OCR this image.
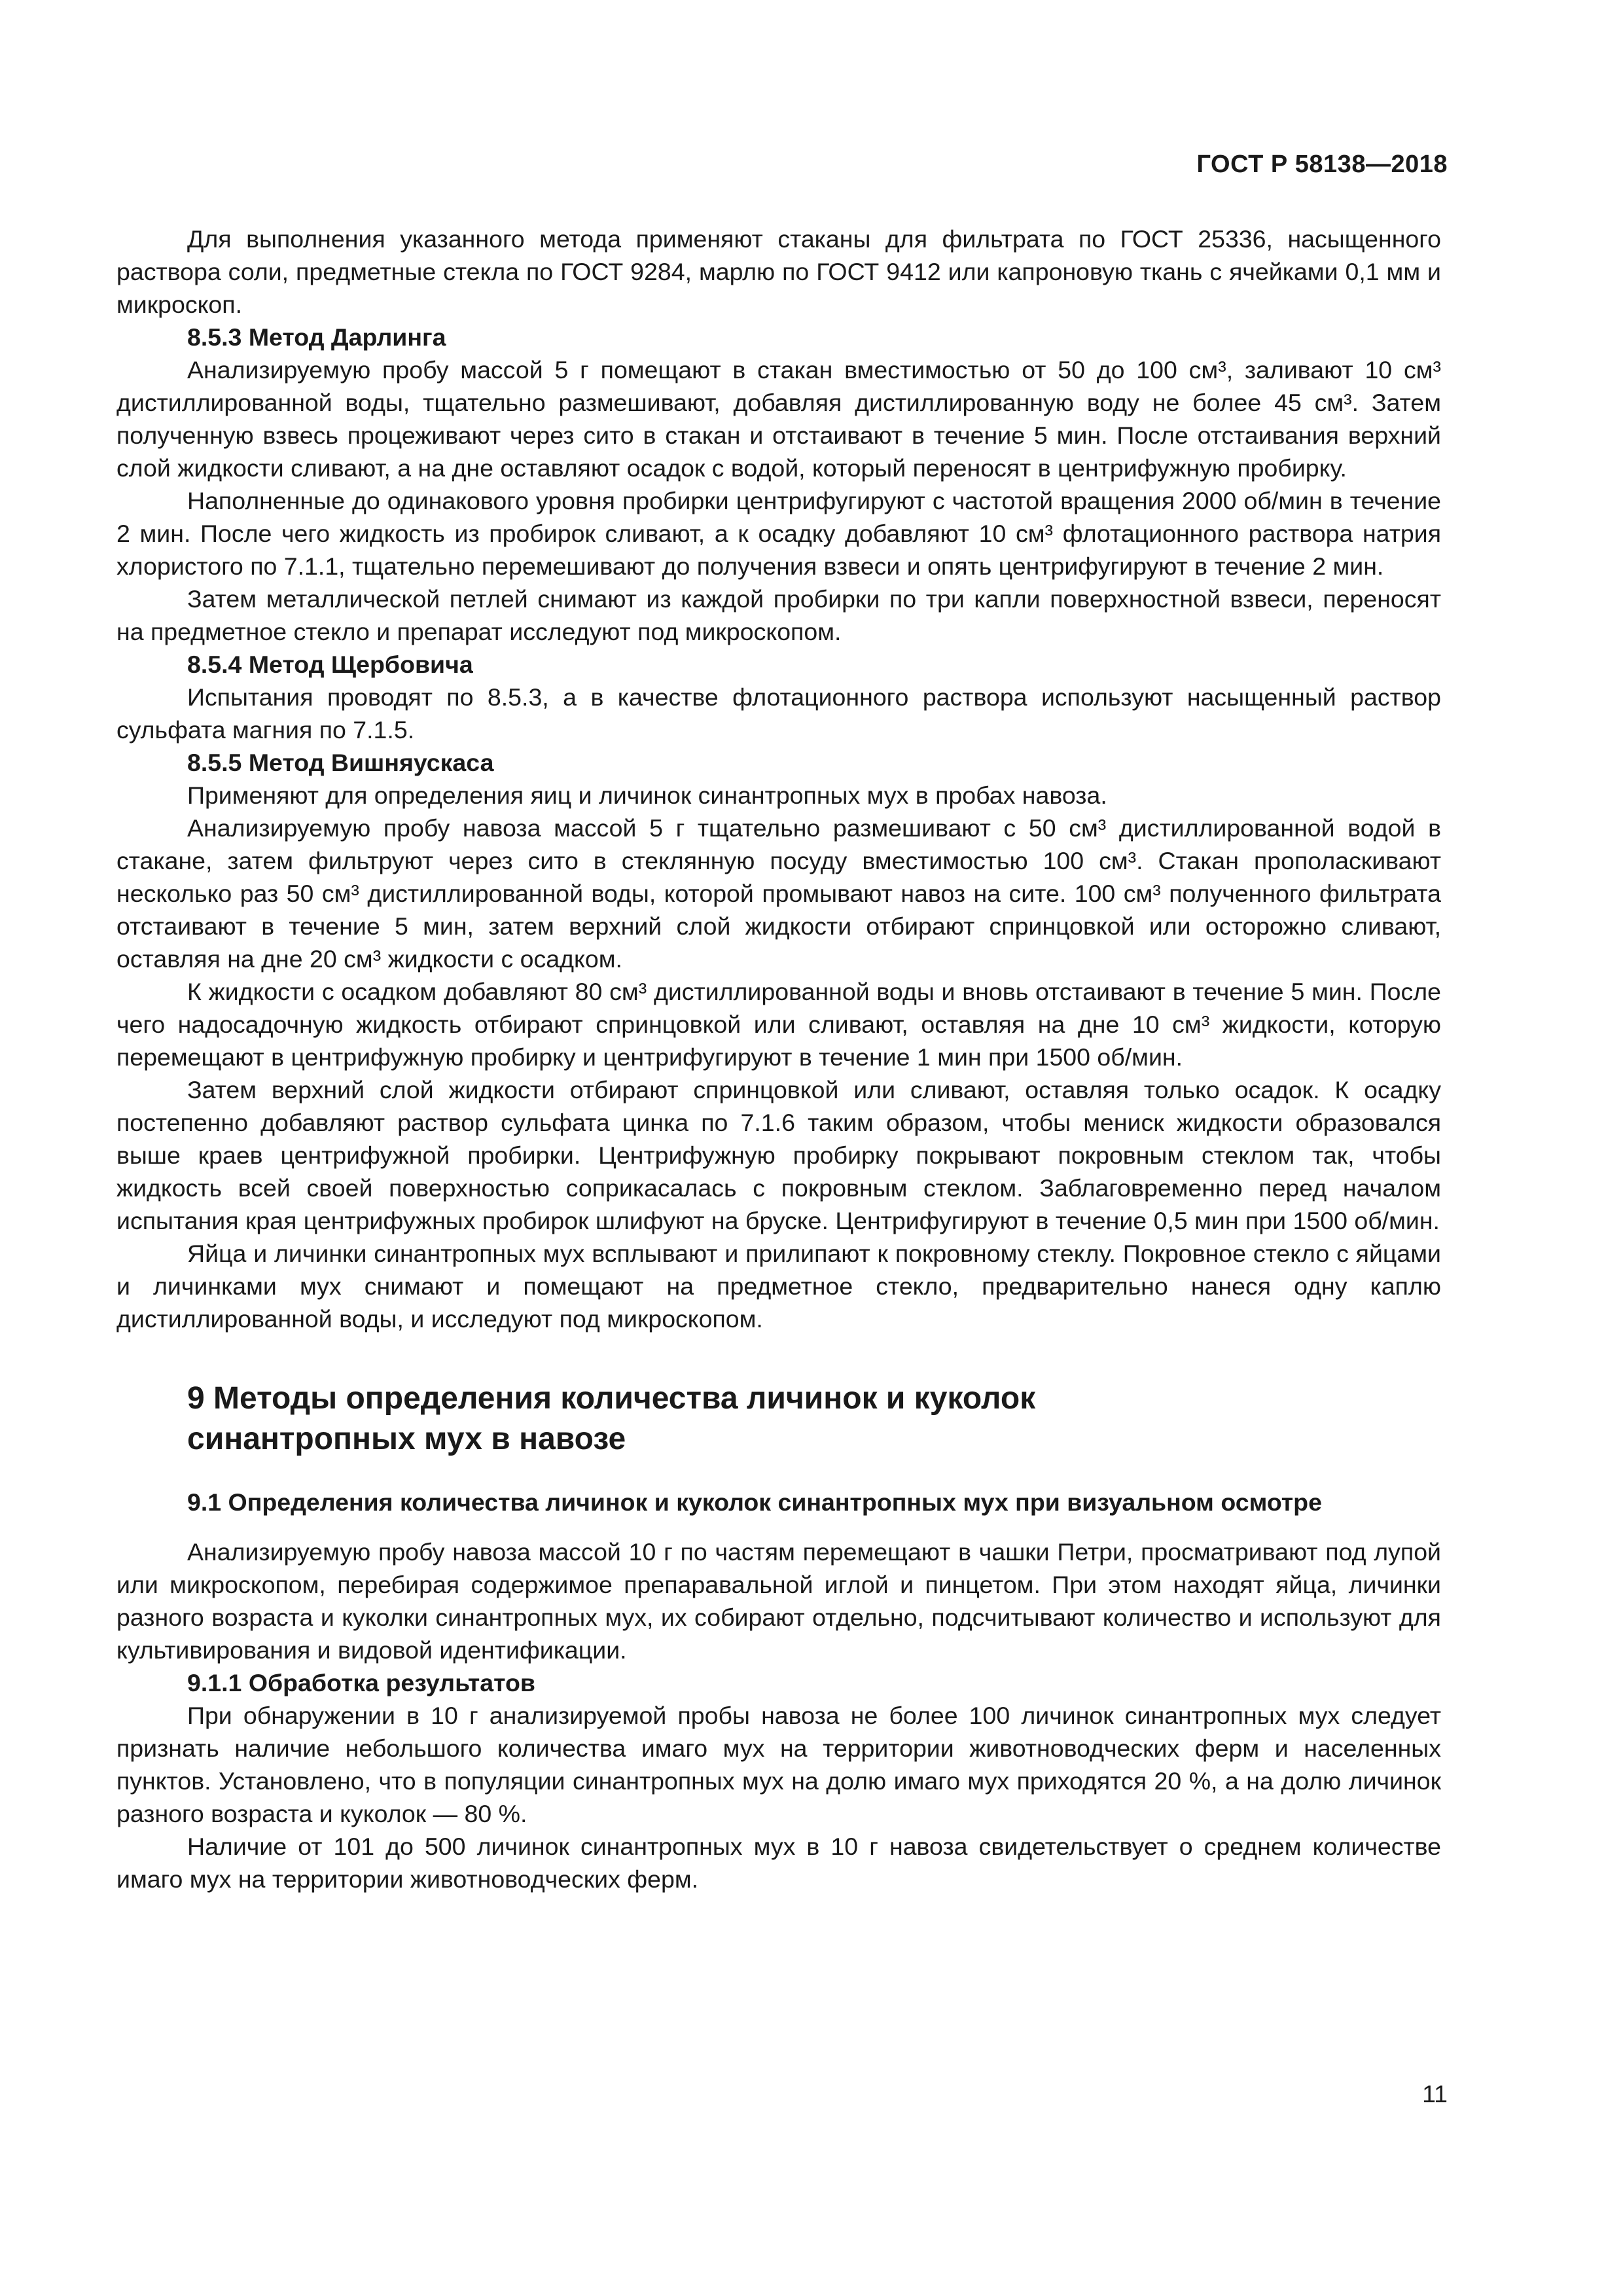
ГОСТ Р 58138—2018

Для выполнения указанного метода применяют стаканы для фильтрата по ГОСТ 25336, насыщенного раствора соли, предметные стекла по ГОСТ 9284, марлю по ГОСТ 9412 или капроновую ткань с ячейками 0,1 мм и микроскоп.

8.5.3 Метод Дарлинга

Анализируемую пробу массой 5 г помещают в стакан вместимостью от 50 до 100 см³, заливают 10 см³ дистиллированной воды, тщательно размешивают, добавляя дистиллированную воду не более 45 см³. Затем полученную взвесь процеживают через сито в стакан и отстаивают в течение 5 мин. После отстаивания верхний слой жидкости сливают, а на дне оставляют осадок с водой, который переносят в центрифужную пробирку.

Наполненные до одинакового уровня пробирки центрифугируют с частотой вращения 2000 об/мин в течение 2 мин. После чего жидкость из пробирок сливают, а к осадку добавляют 10 см³ флотационного раствора натрия хлористого по 7.1.1, тщательно перемешивают до получения взвеси и опять центрифугируют в течение 2 мин.

Затем металлической петлей снимают из каждой пробирки по три капли поверхностной взвеси, переносят на предметное стекло и препарат исследуют под микроскопом.

8.5.4 Метод Щербовича

Испытания проводят по 8.5.3, а в качестве флотационного раствора используют насыщенный раствор сульфата магния по 7.1.5.

8.5.5 Метод Вишняускаса

Применяют для определения яиц и личинок синантропных мух в пробах навоза.

Анализируемую пробу навоза массой 5 г тщательно размешивают с 50 см³ дистиллированной водой в стакане, затем фильтруют через сито в стеклянную посуду вместимостью 100 см³. Стакан прополаскивают несколько раз 50 см³ дистиллированной воды, которой промывают навоз на сите. 100 см³ полученного фильтрата отстаивают в течение 5 мин, затем верхний слой жидкости отбирают спринцовкой или осторожно сливают, оставляя на дне 20 см³ жидкости с осадком.

К жидкости с осадком добавляют 80 см³ дистиллированной воды и вновь отстаивают в течение 5 мин. После чего надосадочную жидкость отбирают спринцовкой или сливают, оставляя на дне 10 см³ жидкости, которую перемещают в центрифужную пробирку и центрифугируют в течение 1 мин при 1500 об/мин.

Затем верхний слой жидкости отбирают спринцовкой или сливают, оставляя только осадок. К осадку постепенно добавляют раствор сульфата цинка по 7.1.6 таким образом, чтобы мениск жидкости образовался выше краев центрифужной пробирки. Центрифужную пробирку покрывают покровным стеклом так, чтобы жидкость всей своей поверхностью соприкасалась с покровным стеклом. Заблаговременно перед началом испытания края центрифужных пробирок шлифуют на бруске. Центрифугируют в течение 0,5 мин при 1500 об/мин.

Яйца и личинки синантропных мух всплывают и прилипают к покровному стеклу. Покровное стекло с яйцами и личинками мух снимают и помещают на предметное стекло, предварительно нанеся одну каплю дистиллированной воды, и исследуют под микроскопом.

9 Методы определения количества личинок и куколок
синантропных мух в навозе
9.1 Определения количества личинок и куколок синантропных мух при визуальном осмотре

Анализируемую пробу навоза массой 10 г по частям перемещают в чашки Петри, просматривают под лупой или микроскопом, перебирая содержимое препаравальной иглой и пинцетом. При этом находят яйца, личинки разного возраста и куколки синантропных мух, их собирают отдельно, подсчитывают количество и используют для культивирования и видовой идентификации.

9.1.1 Обработка результатов

При обнаружении в 10 г анализируемой пробы навоза не более 100 личинок синантропных мух следует признать наличие небольшого количества имаго мух на территории животноводческих ферм и населенных пунктов. Установлено, что в популяции синантропных мух на долю имаго мух приходятся 20 %, а на долю личинок разного возраста и куколок — 80 %.

Наличие от 101 до 500 личинок синантропных мух в 10 г навоза свидетельствует о среднем количестве имаго мух на территории животноводческих ферм.

11
